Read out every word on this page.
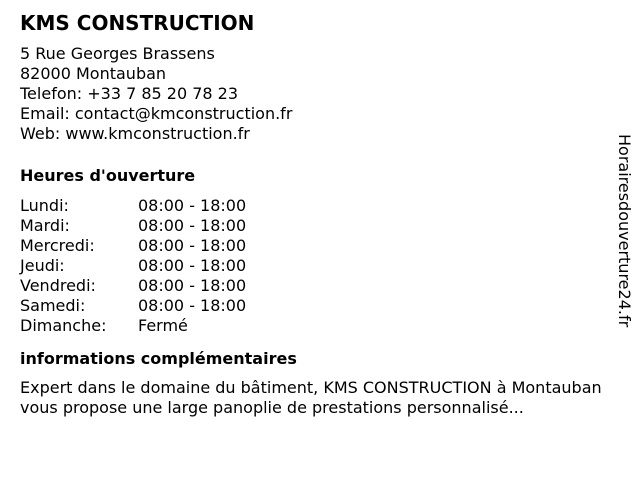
KMS CONSTRUCTION
5 Rue Georges Brassens
82000 Montauban
Telefon: +33 7 85 20 78 23
Email: contact@kmconstruction.fr
Web: www.kmconstruction.fr
Heures d'ouverture
Lundi:	08:00 - 18:00
Mardi:	08:00 - 18:00
Mercredi:	08:00 - 18:00
Jeudi:	08:00 - 18:00
Vendredi:	08:00 - 18:00
Samedi:	08:00 - 18:00
Dimanche:	Fermé
informations complémentaires
Expert dans le domaine du bâtiment, KMS CONSTRUCTION à Montauban vous propose une large panoplie de prestations personnalisé...
Horairesdouverture24.fr
